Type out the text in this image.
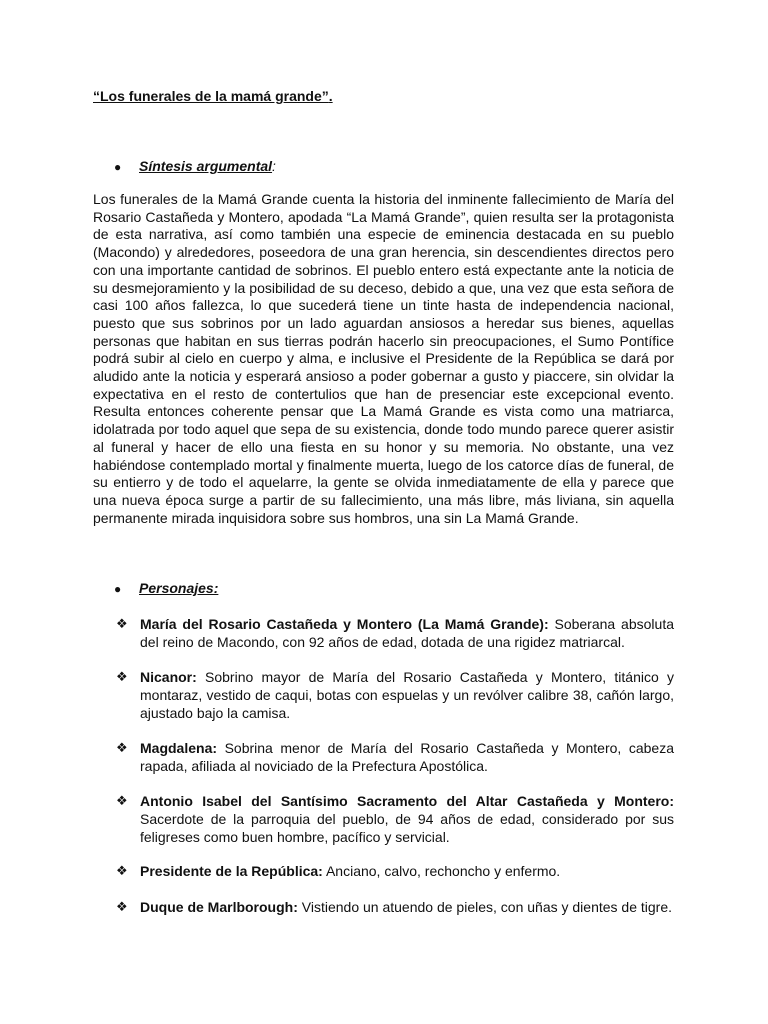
“Los funerales de la mamá grande”.

● Síntesis argumental:

Los funerales de la Mamá Grande cuenta la historia del inminente fallecimiento de María del Rosario Castañeda y Montero, apodada “La Mamá Grande”, quien resulta ser la protagonista de esta narrativa, así como también una especie de eminencia destacada en su pueblo (Macondo) y alrededores, poseedora de una gran herencia, sin descendientes directos pero con una importante cantidad de sobrinos. El pueblo entero está expectante ante la noticia de su desmejoramiento y la posibilidad de su deceso, debido a que, una vez que esta señora de casi 100 años fallezca, lo que sucederá tiene un tinte hasta de independencia nacional, puesto que sus sobrinos por un lado aguardan ansiosos a heredar sus bienes, aquellas personas que habitan en sus tierras podrán hacerlo sin preocupaciones, el Sumo Pontífice podrá subir al cielo en cuerpo y alma, e inclusive el Presidente de la República se dará por aludido ante la noticia y esperará ansioso a poder gobernar a gusto y piaccere, sin olvidar la expectativa en el resto de contertulios que han de presenciar este excepcional evento. Resulta entonces coherente pensar que La Mamá Grande es vista como una matriarca, idolatrada por todo aquel que sepa de su existencia, donde todo mundo parece querer asistir al funeral y hacer de ello una fiesta en su honor y su memoria. No obstante, una vez habiéndose contemplado mortal y finalmente muerta, luego de los catorce días de funeral, de su entierro y de todo el aquelarre, la gente se olvida inmediatamente de ella y parece que una nueva época surge a partir de su fallecimiento, una más libre, más liviana, sin aquella permanente mirada inquisidora sobre sus hombros, una sin La Mamá Grande.

● Personajes:

❖ María del Rosario Castañeda y Montero (La Mamá Grande): Soberana absoluta del reino de Macondo, con 92 años de edad, dotada de una rigidez matriarcal.
❖ Nicanor: Sobrino mayor de María del Rosario Castañeda y Montero, titánico y montaraz, vestido de caqui, botas con espuelas y un revólver calibre 38, cañón largo, ajustado bajo la camisa.
❖ Magdalena: Sobrina menor de María del Rosario Castañeda y Montero, cabeza rapada, afiliada al noviciado de la Prefectura Apostólica.
❖ Antonio Isabel del Santísimo Sacramento del Altar Castañeda y Montero: Sacerdote de la parroquia del pueblo, de 94 años de edad, considerado por sus feligreses como buen hombre, pacífico y servicial.
❖ Presidente de la República: Anciano, calvo, rechoncho y enfermo.
❖ Duque de Marlborough: Vistiendo un atuendo de pieles, con uñas y dientes de tigre.
